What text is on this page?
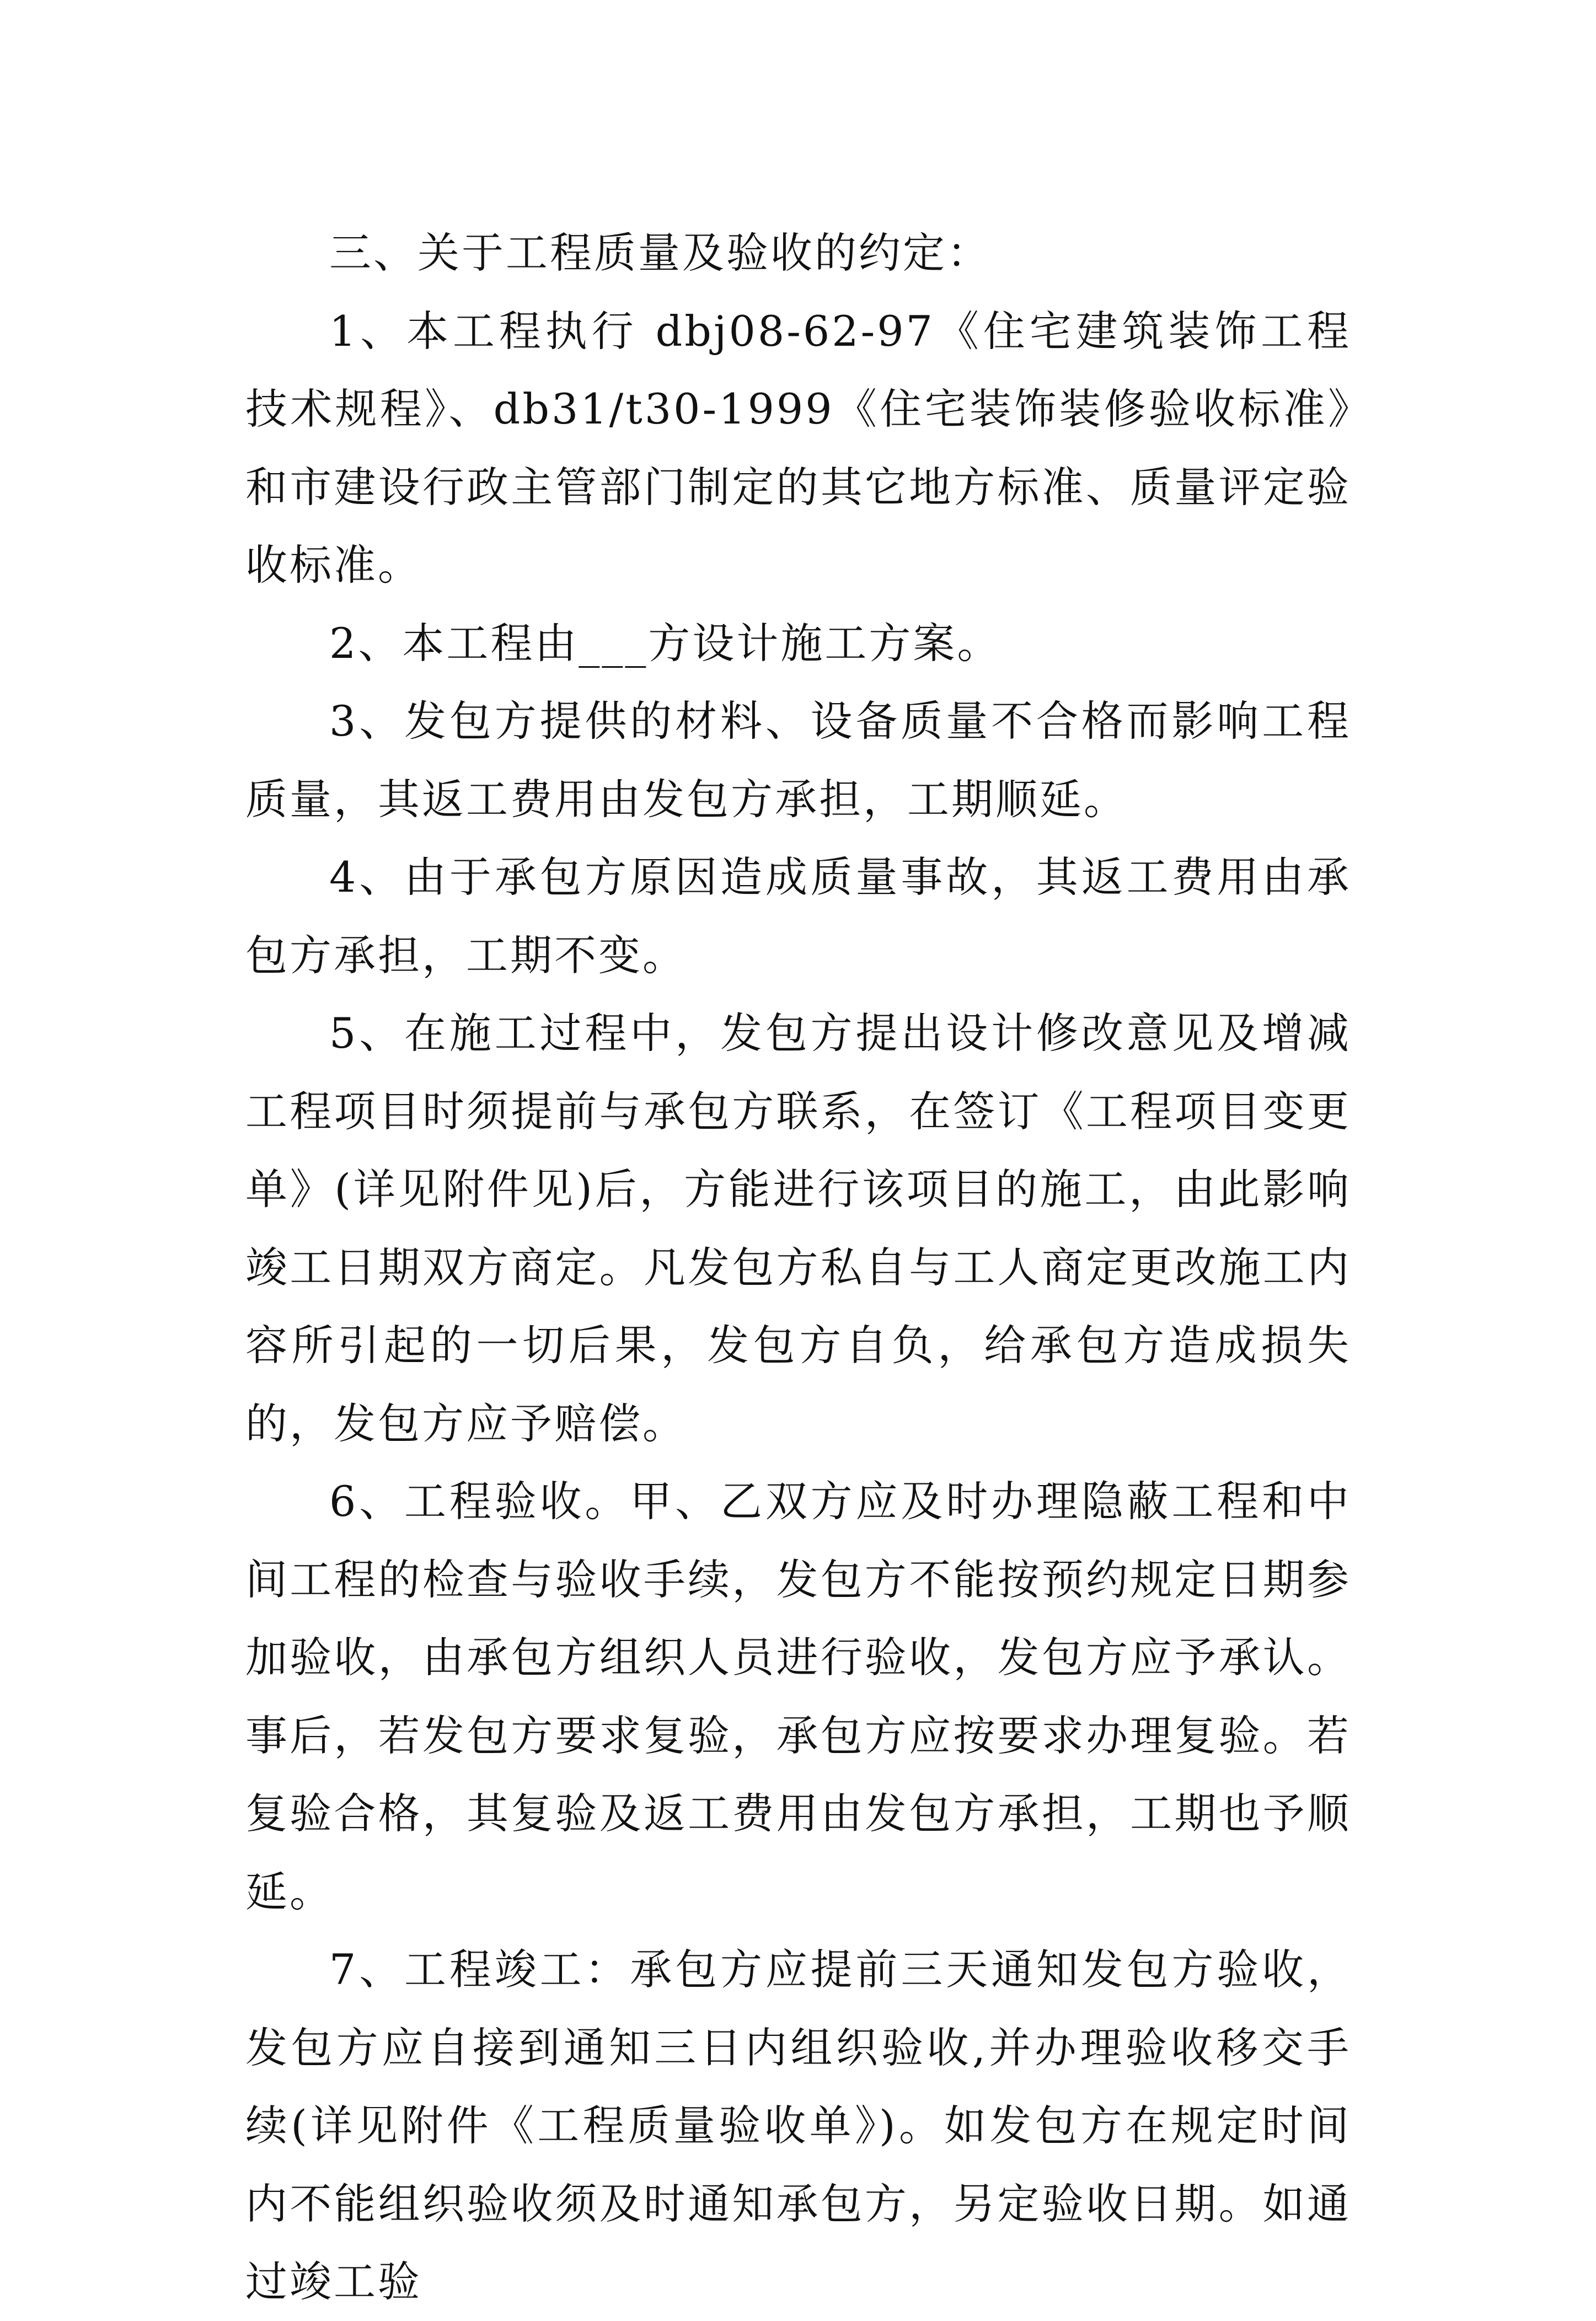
三、关于工程质量及验收的约定：

1、本工程执行 dbj08-62-97《住宅建筑装饰工程技术规程》、db31/t30-1999《住宅装饰装修验收标准》和市建设行政主管部门制定的其它地方标准、质量评定验收标准。

2、本工程由___方设计施工方案。

3、发包方提供的材料、设备质量不合格而影响工程质量，其返工费用由发包方承担，工期顺延。

4、由于承包方原因造成质量事故，其返工费用由承包方承担，工期不变。

5、在施工过程中，发包方提出设计修改意见及增减工程项目时须提前与承包方联系，在签订《工程项目变更单》(详见附件见)后，方能进行该项目的施工，由此影响竣工日期双方商定。凡发包方私自与工人商定更改施工内容所引起的一切后果，发包方自负，给承包方造成损失的，发包方应予赔偿。

6、工程验收。甲、乙双方应及时办理隐蔽工程和中间工程的检查与验收手续，发包方不能按预约规定日期参加验收，由承包方组织人员进行验收，发包方应予承认。事后，若发包方要求复验，承包方应按要求办理复验。若复验合格，其复验及返工费用由发包方承担，工期也予顺延。

7、工程竣工：承包方应提前三天通知发包方验收，发包方应自接到通知三日内组织验收,并办理验收移交手续(详见附件《工程质量验收单》)。如发包方在规定时间内不能组织验收须及时通知承包方，另定验收日期。如通过竣工验
